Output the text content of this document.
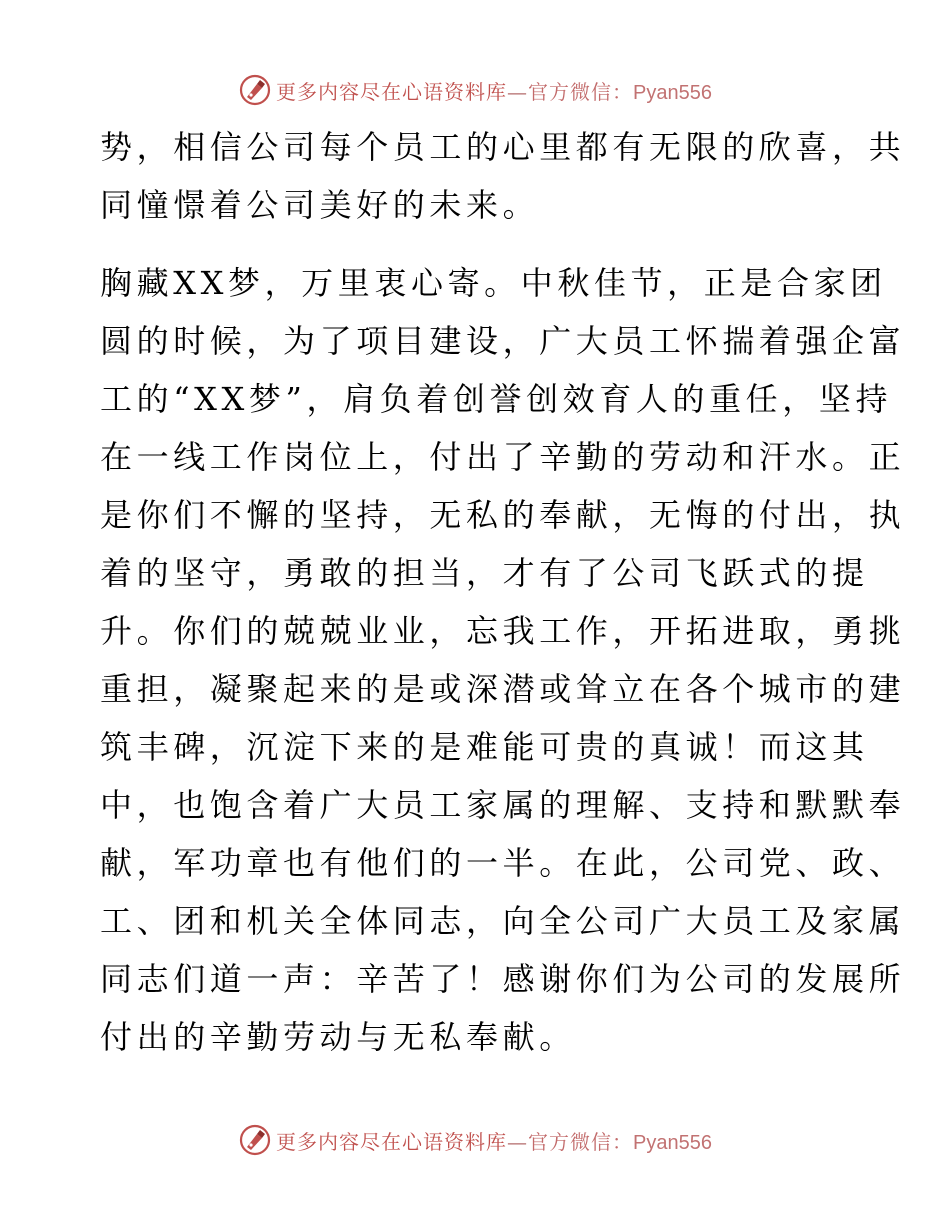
更多内容尽在心语资料库—官方微信：Pyan556
势，相信公司每个员工的心里都有无限的欣喜，共
同憧憬着公司美好的未来。
胸藏XX梦，万里衷心寄。中秋佳节，正是合家团
圆的时候，为了项目建设，广大员工怀揣着强企富
工的“XX梦”，肩负着创誉创效育人的重任，坚持
在一线工作岗位上，付出了辛勤的劳动和汗水。正
是你们不懈的坚持，无私的奉献，无悔的付出，执
着的坚守，勇敢的担当，才有了公司飞跃式的提
升。你们的兢兢业业，忘我工作，开拓进取，勇挑
重担，凝聚起来的是或深潜或耸立在各个城市的建
筑丰碑，沉淀下来的是难能可贵的真诚！而这其
中，也饱含着广大员工家属的理解、支持和默默奉
献，军功章也有他们的一半。在此，公司党、政、
工、团和机关全体同志，向全公司广大员工及家属
同志们道一声：辛苦了！感谢你们为公司的发展所
付出的辛勤劳动与无私奉献。
更多内容尽在心语资料库—官方微信：Pyan556
